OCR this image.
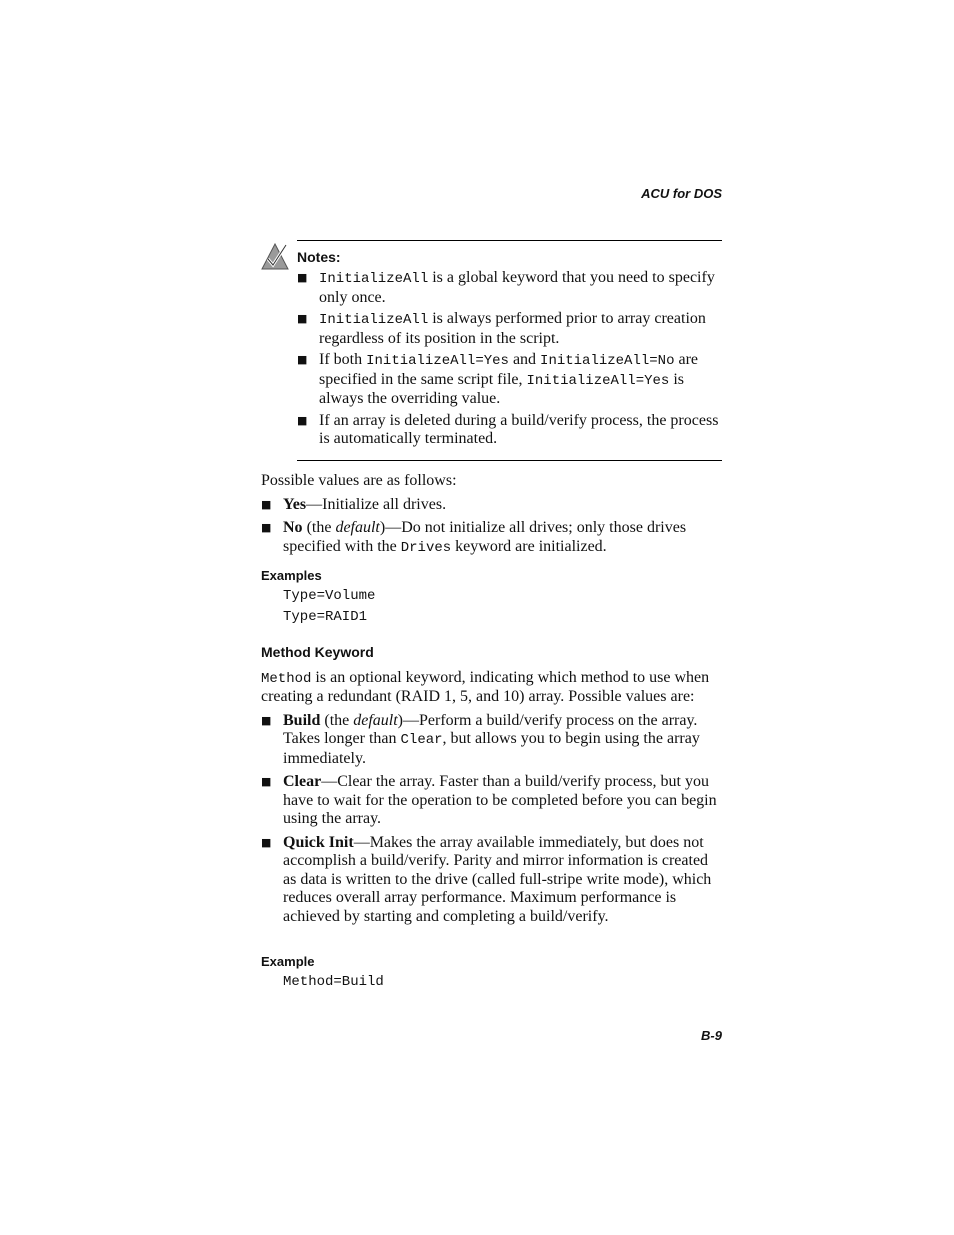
ACU for DOS
Notes:
■ InitializeAll is a global keyword that you need to specify only once.
■ InitializeAll is always performed prior to array creation regardless of its position in the script.
■ If both InitializeAll=Yes and InitializeAll=No are specified in the same script file, InitializeAll=Yes is always the overriding value.
■ If an array is deleted during a build/verify process, the process is automatically terminated.

Possible values are as follows:

■ Yes—Initialize all drives.
■ No (the default)—Do not initialize all drives; only those drives specified with the Drives keyword are initialized.
Examples
Type=Volume
Type=RAID1
Method Keyword

Method is an optional keyword, indicating which method to use when creating a redundant (RAID 1, 5, and 10) array. Possible values are:

■ Build (the default)—Perform a build/verify process on the array. Takes longer than Clear, but allows you to begin using the array immediately.
■ Clear—Clear the array. Faster than a build/verify process, but you have to wait for the operation to be completed before you can begin using the array.
■ Quick Init—Makes the array available immediately, but does not accomplish a build/verify. Parity and mirror information is created as data is written to the drive (called full-stripe write mode), which reduces overall array performance. Maximum performance is achieved by starting and completing a build/verify.
Example
Method=Build
B-9
